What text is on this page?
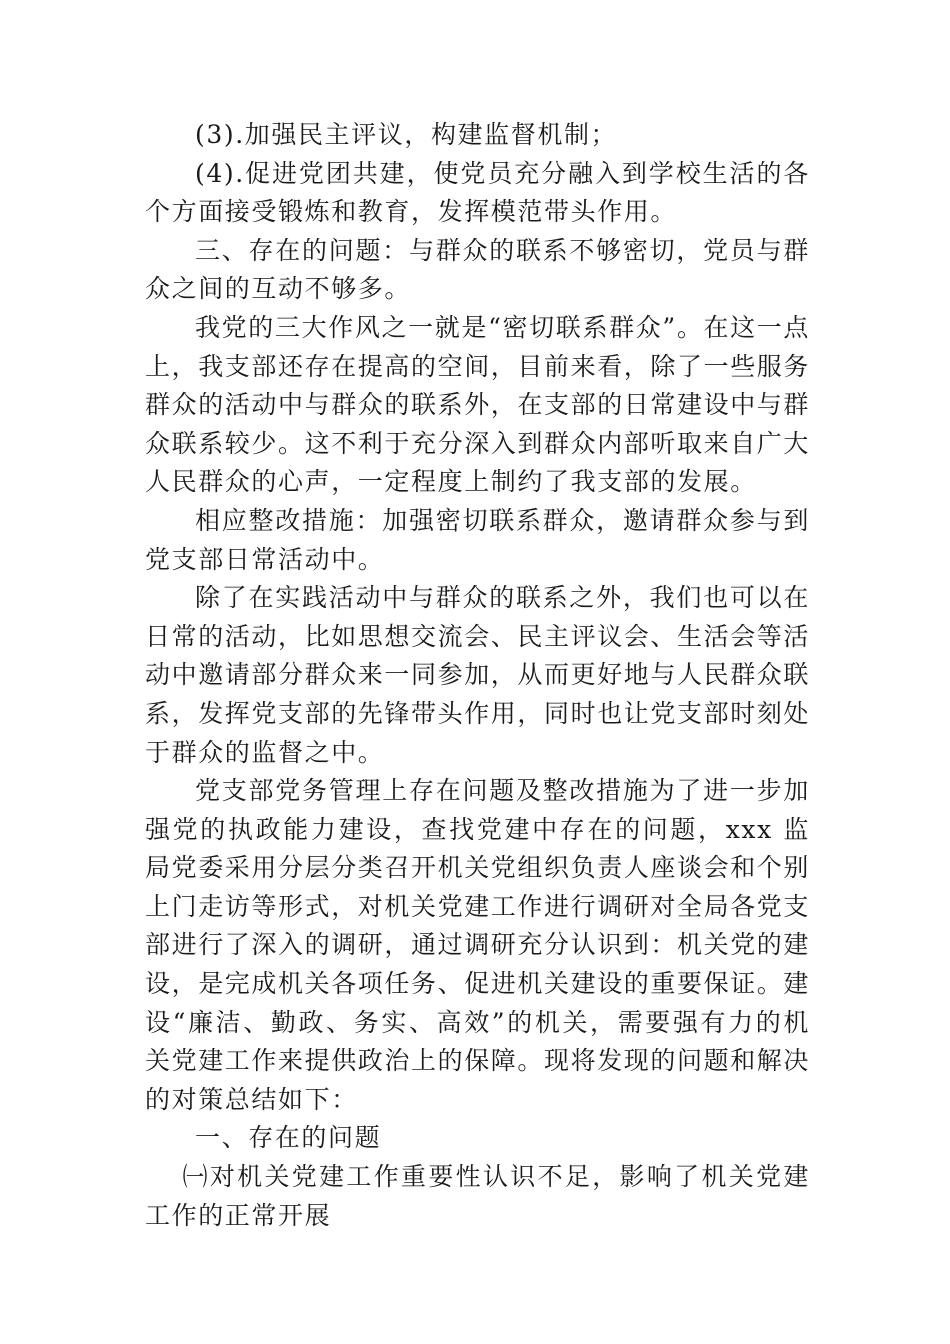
(3).加强民主评议，构建监督机制；

(4).促进党团共建，使党员充分融入到学校生活的各个方面接受锻炼和教育，发挥模范带头作用。

三、存在的问题：与群众的联系不够密切，党员与群众之间的互动不够多。

我党的三大作风之一就是“密切联系群众”。在这一点上，我支部还存在提高的空间，目前来看，除了一些服务群众的活动中与群众的联系外，在支部的日常建设中与群众联系较少。这不利于充分深入到群众内部听取来自广大人民群众的心声，一定程度上制约了我支部的发展。

相应整改措施：加强密切联系群众，邀请群众参与到党支部日常活动中。

除了在实践活动中与群众的联系之外，我们也可以在日常的活动，比如思想交流会、民主评议会、生活会等活动中邀请部分群众来一同参加，从而更好地与人民群众联系，发挥党支部的先锋带头作用，同时也让党支部时刻处于群众的监督之中。

党支部党务管理上存在问题及整改措施为了进一步加强党的执政能力建设，查找党建中存在的问题，xxx 监局党委采用分层分类召开机关党组织负责人座谈会和个别上门走访等形式，对机关党建工作进行调研对全局各党支部进行了深入的调研，通过调研充分认识到：机关党的建设，是完成机关各项任务、促进机关建设的重要保证。建设“廉洁、勤政、务实、高效”的机关，需要强有力的机关党建工作来提供政治上的保障。现将发现的问题和解决的对策总结如下：

一、存在的问题

㈠对机关党建工作重要性认识不足，影响了机关党建工作的正常开展
